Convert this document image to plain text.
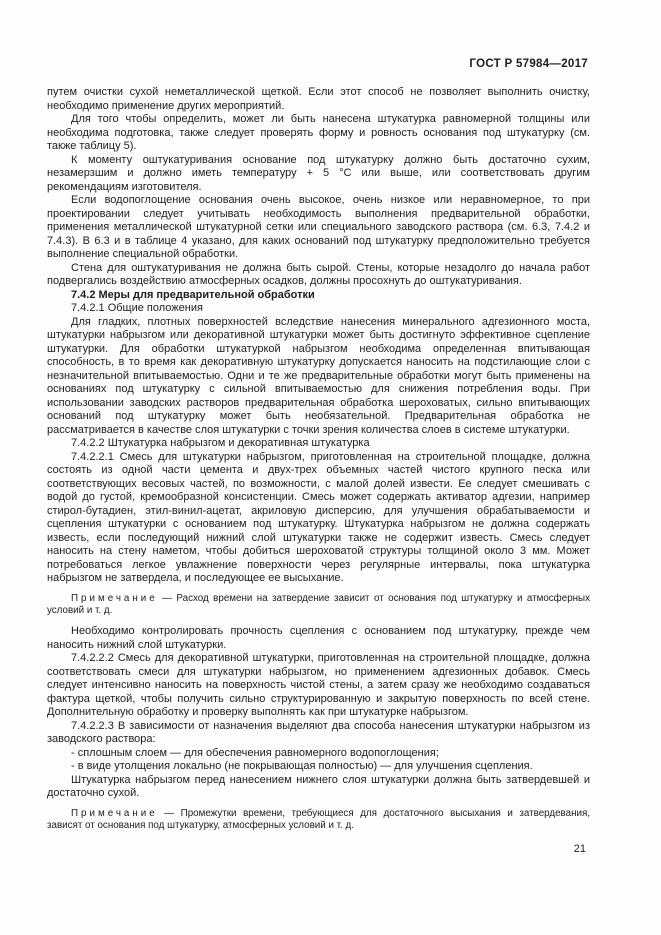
ГОСТ Р 57984—2017

путем очистки сухой неметаллической щеткой. Если этот способ не позволяет выполнить очистку, необходимо применение других мероприятий.

Для того чтобы определить, может ли быть нанесена штукатурка равномерной толщины или необходима подготовка, также следует проверять форму и ровность основания под штукатурку (см. также таблицу 5).

К моменту оштукатуривания основание под штукатурку должно быть достаточно сухим, незамерзшим и должно иметь температуру + 5 °С или выше, или соответствовать другим рекомендациям изготовителя.

Если водопоглощение основания очень высокое, очень низкое или неравномерное, то при проектировании следует учитывать необходимость выполнения предварительной обработки, применения металлической штукатурной сетки или специального заводского раствора (см. 6.3, 7.4.2 и 7.4.3). В 6.3 и в таблице 4 указано, для каких оснований под штукатурку предположительно требуется выполнение специальной обработки.

Стена для оштукатуривания не должна быть сырой. Стены, которые незадолго до начала работ подвергались воздействию атмосферных осадков, должны просохнуть до оштукатуривания.

7.4.2 Меры для предварительной обработки

7.4.2.1 Общие положения

Для гладких, плотных поверхностей вследствие нанесения минерального адгезионного моста, штукатурки набрызгом или декоративной штукатурки может быть достигнуто эффективное сцепление штукатурки. Для обработки штукатуркой набрызгом необходима определенная впитывающая способность, в то время как декоративную штукатурку допускается наносить на подстилающие слои с незначительной впитываемостью. Одни и те же предварительные обработки могут быть применены на основаниях под штукатурку с сильной впитываемостью для снижения потребления воды. При использовании заводских растворов предварительная обработка шероховатых, сильно впитывающих оснований под штукатурку может быть необязательной. Предварительная обработка не рассматривается в качестве слоя штукатурки с точки зрения количества слоев в системе штукатурки.

7.4.2.2 Штукатурка набрызгом и декоративная штукатурка

7.4.2.2.1 Смесь для штукатурки набрызгом, приготовленная на строительной площадке, должна состоять из одной части цемента и двух-трех объемных частей чистого крупного песка или соответствующих весовых частей, по возможности, с малой долей извести. Ее следует смешивать с водой до густой, кремообразной консистенции. Смесь может содержать активатор адгезии, например стирол-бутадиен, этил-винил-ацетат, акриловую дисперсию, для улучшения обрабатываемости и сцепления штукатурки с основанием под штукатурку. Штукатурка набрызгом не должна содержать известь, если последующий нижний слой штукатурки также не содержит известь. Смесь следует наносить на стену наметом, чтобы добиться шероховатой структуры толщиной около 3 мм. Может потребоваться легкое увлажнение поверхности через регулярные интервалы, пока штукатурка набрызгом не затвердела, и последующее ее высыхание.

Примечание — Расход времени на затвердение зависит от основания под штукатурку и атмосферных условий и т. д.

Необходимо контролировать прочность сцепления с основанием под штукатурку, прежде чем наносить нижний слой штукатурки.

7.4.2.2.2 Смесь для декоративной штукатурки, приготовленная на строительной площадке, должна соответствовать смеси для штукатурки набрызгом, но применением адгезионных добавок. Смесь следует интенсивно наносить на поверхность чистой стены, а затем сразу же необходимо создаваться фактура щеткой, чтобы получить сильно структурированную и закрытую поверхность по всей стене. Дополнительную обработку и проверку выполнять как при штукатурке набрызгом.

7.4.2.2.3 В зависимости от назначения выделяют два способа нанесения штукатурки набрызгом из заводского раствора:

- сплошным слоем — для обеспечения равномерного водопоглощения;

- в виде утолщения локально (не покрывающая полностью) — для улучшения сцепления.

Штукатурка набрызгом перед нанесением нижнего слоя штукатурки должна быть затвердевшей и достаточно сухой.

Примечание — Промежутки времени, требующиеся для достаточного высыхания и затвердевания, зависят от основания под штукатурку, атмосферных условий и т. д.

21
